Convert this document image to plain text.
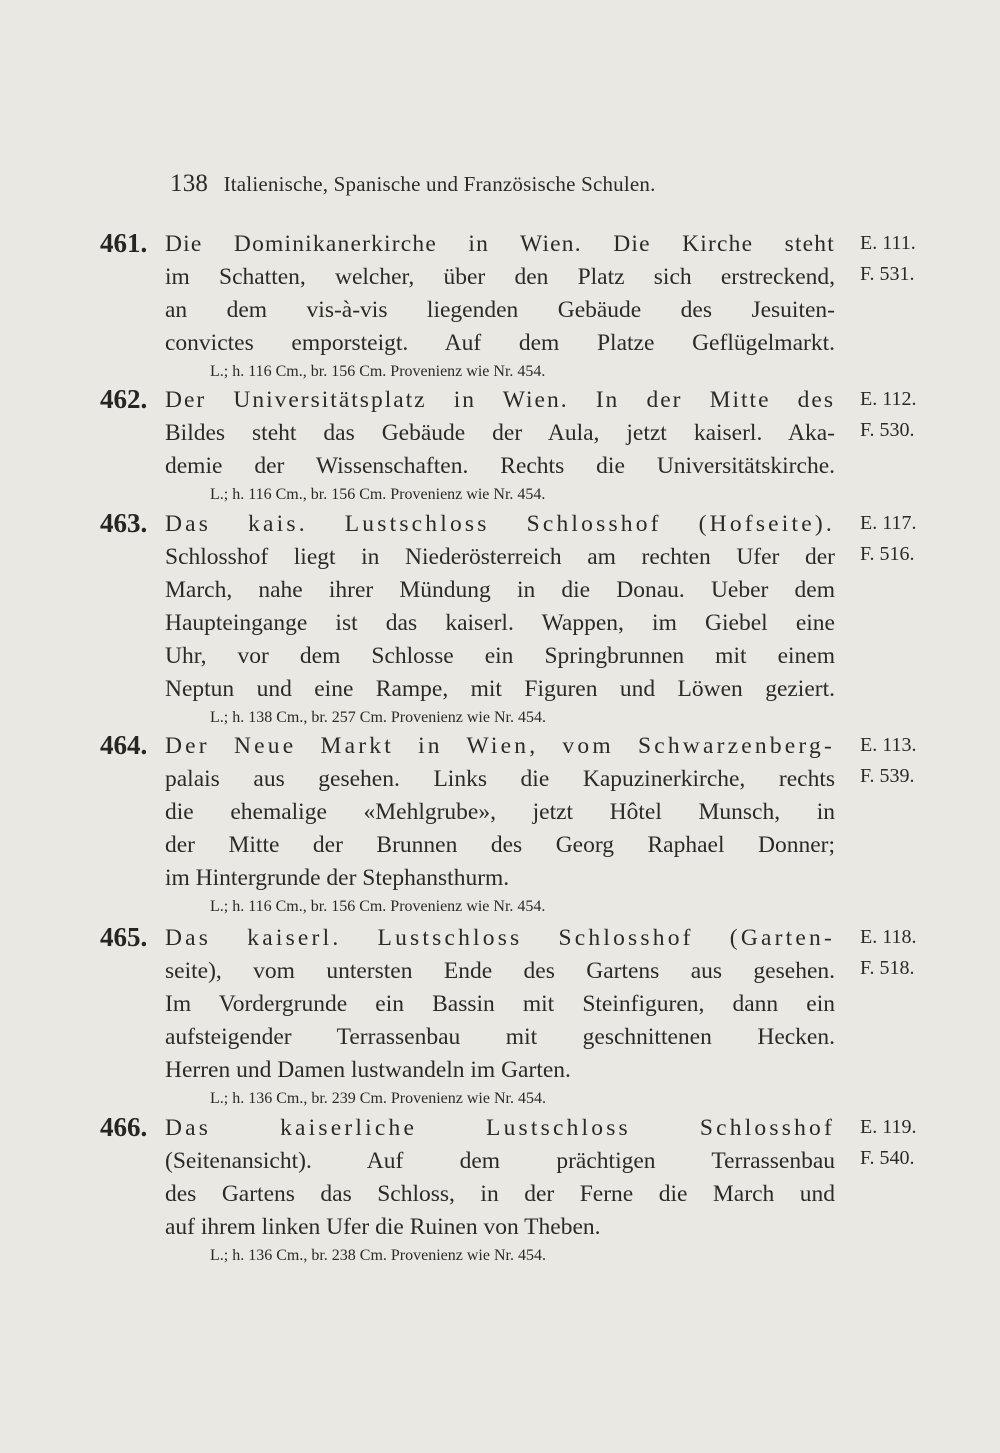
138 Italienische, Spanische und Französische Schulen.
461. Die Dominikanerkirche in Wien. Die Kirche steht
im Schatten, welcher, über den Platz sich erstreckend,
an dem vis-à-vis liegenden Gebäude des Jesuiten-
convictes emporsteigt. Auf dem Platze Geflügelmarkt.
L.; h. 116 Cm., br. 156 Cm. Provenienz wie Nr. 454.
E. 111.
F. 531.
462. Der Universitätsplatz in Wien. In der Mitte des
Bildes steht das Gebäude der Aula, jetzt kaiserl. Aka-
demie der Wissenschaften. Rechts die Universitätskirche.
L.; h. 116 Cm., br. 156 Cm. Provenienz wie Nr. 454.
E. 112.
F. 530.
463. Das kais. Lustschloss Schlosshof (Hofseite).
Schlosshof liegt in Niederösterreich am rechten Ufer der
March, nahe ihrer Mündung in die Donau. Ueber dem
Haupteingange ist das kaiserl. Wappen, im Giebel eine
Uhr, vor dem Schlosse ein Springbrunnen mit einem
Neptun und eine Rampe, mit Figuren und Löwen geziert.
L.; h. 138 Cm., br. 257 Cm. Provenienz wie Nr. 454.
E. 117.
F. 516.
464. Der Neue Markt in Wien, vom Schwarzenberg-
palais aus gesehen. Links die Kapuzinerkirche, rechts
die ehemalige «Mehlgrube», jetzt Hôtel Munsch, in
der Mitte der Brunnen des Georg Raphael Donner;
im Hintergrunde der Stephansthurm.
L.; h. 116 Cm., br. 156 Cm. Provenienz wie Nr. 454.
E. 113.
F. 539.
465. Das kaiserl. Lustschloss Schlosshof (Garten-
seite), vom untersten Ende des Gartens aus gesehen.
Im Vordergrunde ein Bassin mit Steinfiguren, dann ein
aufsteigender Terrassenbau mit geschnittenen Hecken.
Herren und Damen lustwandeln im Garten.
L.; h. 136 Cm., br. 239 Cm. Provenienz wie Nr. 454.
E. 118.
F. 518.
466. Das kaiserliche Lustschloss Schlosshof
(Seitenansicht). Auf dem prächtigen Terrassenbau
des Gartens das Schloss, in der Ferne die March und
auf ihrem linken Ufer die Ruinen von Theben.
L.; h. 136 Cm., br. 238 Cm. Provenienz wie Nr. 454.
E. 119.
F. 540.
